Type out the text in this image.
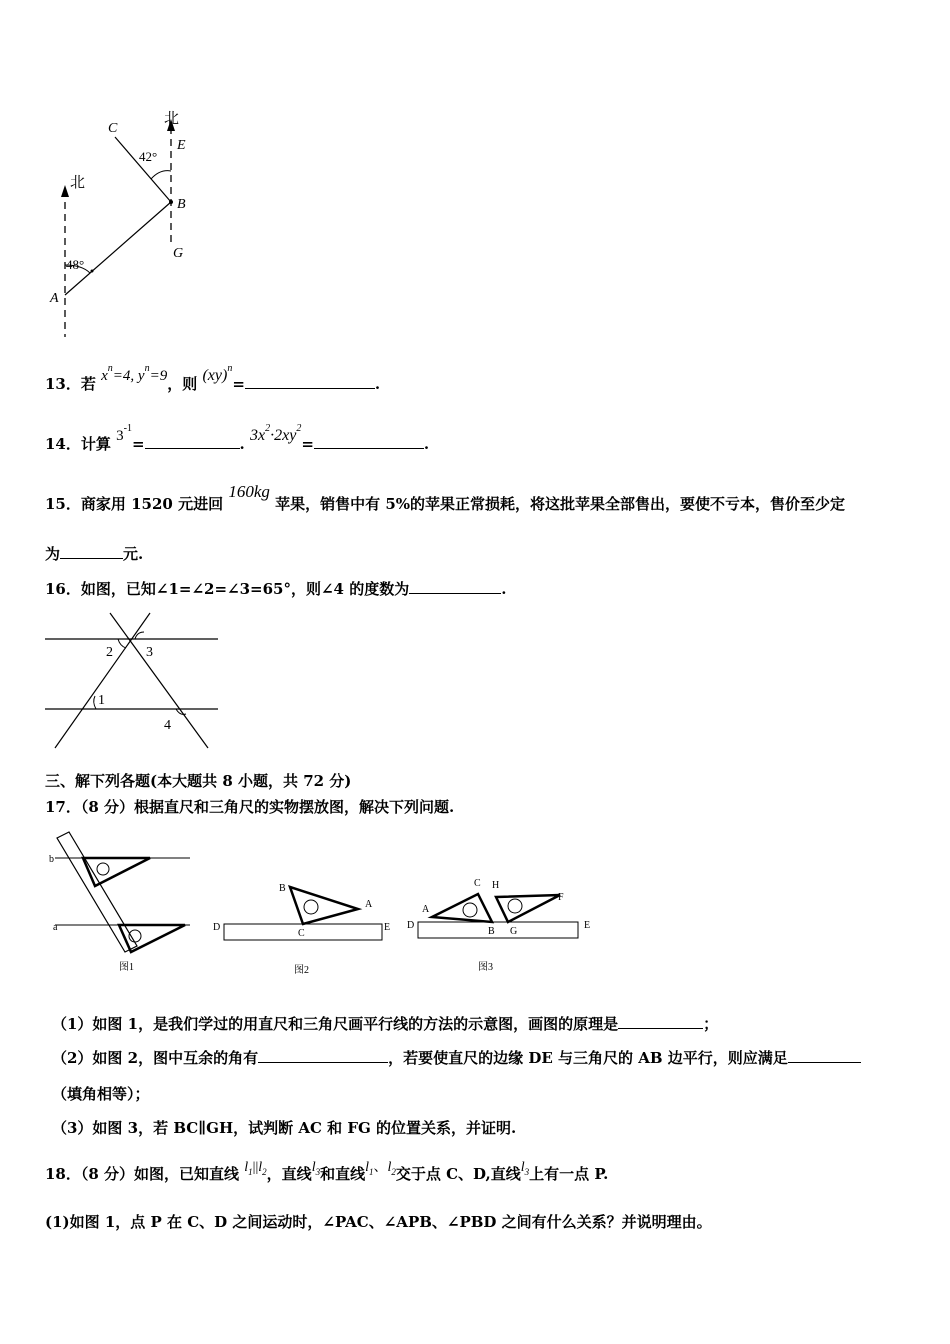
北
北
C
E
B
G
A
42°
48°
13．若 $x^n=4$, $y^n=9$，则 (xy)$^n$=	.
14．计算 $3^{-1}=$	. $3x^2\cdot 2xy^2=$	.
15．商家用 1520 元进回 160kg 苹果，销售中有 5%的苹果正常损耗，将这批苹果全部售出，要使不亏本，售价至少定
为	元.
16．如图，已知∠1=∠2=∠3=65°，则∠4 的度数为	.
1
2 3
4
三、解下列各题(本大题共 8 小题，共 72 分)
17．（8 分）根据直尺和三角尺的实物摆放图，解决下列问题.
b
a
图1
B
A
C
D	E
图2
C H
F
A
B G
D	E
图3
（1）如图 1，是我们学过的用直尺和三角尺画平行线的方法的示意图，画图的原理是	；
（2）如图 2，图中互余的角有	，若要使直尺的边缘 DE 与三角尺的 AB 边平行，则应满足
（填角相等）；
（3）如图 3，若 BC∥GH，试判断 AC 和 FG 的位置关系，并证明.
18．（8 分）如图，已知直线 $l_1||l_2$，直线$l_3$和直线$l_1$、$l_2$交于点 C、D,直线$l_3$上有一点 P.
(1)如图 1，点 P 在 C、D 之间运动时，∠PAC、∠APB、∠PBD 之间有什么关系？并说明理由。
